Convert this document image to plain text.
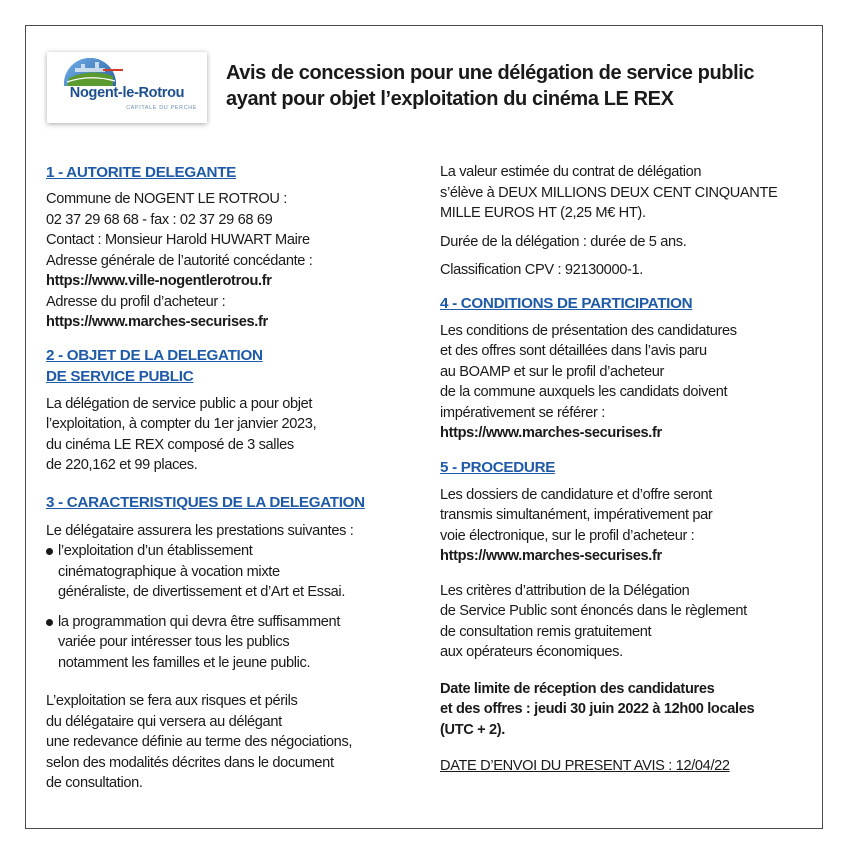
Nogent-le-Rotrou
CAPITALE DU PERCHE
Avis de concession pour une délégation de service public
ayant pour objet l’exploitation du cinéma LE REX

1 - AUTORITE DELEGANTE

Commune de NOGENT LE ROTROU :

02 37 29 68 68 - fax : 02 37 29 68 69

Contact : Monsieur Harold HUWART Maire

Adresse générale de l’autorité concédante :

https://www.ville-nogentlerotrou.fr

Adresse du profil d’acheteur :

https://www.marches-securises.fr

2 - OBJET DE LA DELEGATION

DE SERVICE PUBLIC

La délégation de service public a pour objet

l’exploitation, à compter du 1er janvier 2023,

du cinéma LE REX composé de 3 salles

de 220,162 et 99 places.

3 - CARACTERISTIQUES DE LA DELEGATION

Le délégataire assurera les prestations suivantes :

l’exploitation d’un établissement

cinématographique à vocation mixte

généraliste, de divertissement et d’Art et Essai.

la programmation qui devra être suffisamment

variée pour intéresser tous les publics

notamment les familles et le jeune public.

L’exploitation se fera aux risques et périls

du délégataire qui versera au délégant

une redevance définie au terme des négociations,

selon des modalités décrites dans le document

de consultation.

La valeur estimée du contrat de délégation

s’élève à DEUX MILLIONS DEUX CENT CINQUANTE

MILLE EUROS HT (2,25 M€ HT).

Durée de la délégation : durée de 5 ans.

Classification CPV : 92130000-1.

4 - CONDITIONS DE PARTICIPATION

Les conditions de présentation des candidatures

et des offres sont détaillées dans l’avis paru

au BOAMP et sur le profil d’acheteur

de la commune auxquels les candidats doivent

impérativement se référer :

https://www.marches-securises.fr

5 - PROCEDURE

Les dossiers de candidature et d’offre seront

transmis simultanément, impérativement par

voie électronique, sur le profil d’acheteur :

https://www.marches-securises.fr

Les critères d’attribution de la Délégation

de Service Public sont énoncés dans le règlement

de consultation remis gratuitement

aux opérateurs économiques.

Date limite de réception des candidatures

et des offres : jeudi 30 juin 2022 à 12h00 locales

(UTC + 2).

DATE D’ENVOI DU PRESENT AVIS : 12/04/22
